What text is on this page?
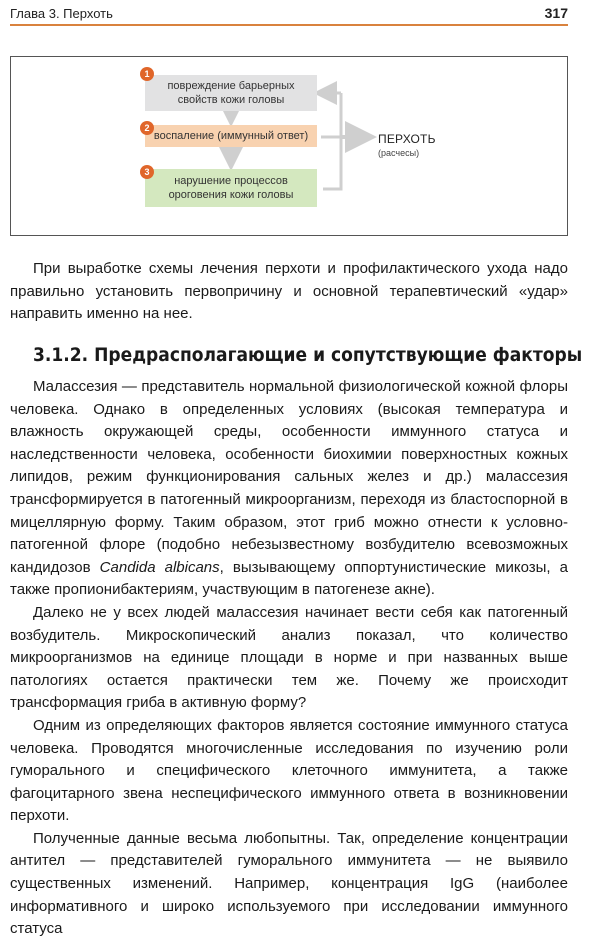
Глава 3. Перхоть	317
повреждение барьерных
свойств кожи головы
1
воспаление (иммунный ответ)
2
нарушение процессов
ороговения кожи головы
3
ПЕРХОТЬ
(расчесы)

При выработке схемы лечения перхоти и профилактического ухода надо правильно установить первопричину и основной терапевтический «удар» направить именно на нее.

3.1.2. Предрасполагающие и сопутствующие факторы

Малассезия — представитель нормальной физиологической кожной флоры человека. Однако в определенных условиях (высокая температура и влажность окружающей среды, особенности иммунного статуса и наследственности человека, особенности биохимии поверхностных кожных липидов, режим функционирования сальных желез и др.) малассезия трансформируется в патогенный микроорганизм, переходя из бластоспорной в мицеллярную форму. Таким образом, этот гриб можно отнести к условно-патогенной флоре (подобно небезызвестному возбудителю всевозможных кандидозов Candida albicans, вызывающему оппортунистические микозы, а также пропионибактериям, участвующим в патогенезе акне).

Далеко не у всех людей малассезия начинает вести себя как патогенный возбудитель. Микроскопический анализ показал, что количество микроорганизмов на единице площади в норме и при названных выше патологиях остается практически тем же. Почему же происходит трансформация гриба в активную форму?

Одним из определяющих факторов является состояние иммунного статуса человека. Проводятся многочисленные исследования по изучению роли гуморального и специфического клеточного иммунитета, а также фагоцитарного звена неспецифического иммунного ответа в возникновении перхоти.

Полученные данные весьма любопытны. Так, определение концентрации антител — представителей гуморального иммунитета — не выявило существенных изменений. Например, концентрация IgG (наиболее информативного и широко используемого при исследовании иммунного статуса
